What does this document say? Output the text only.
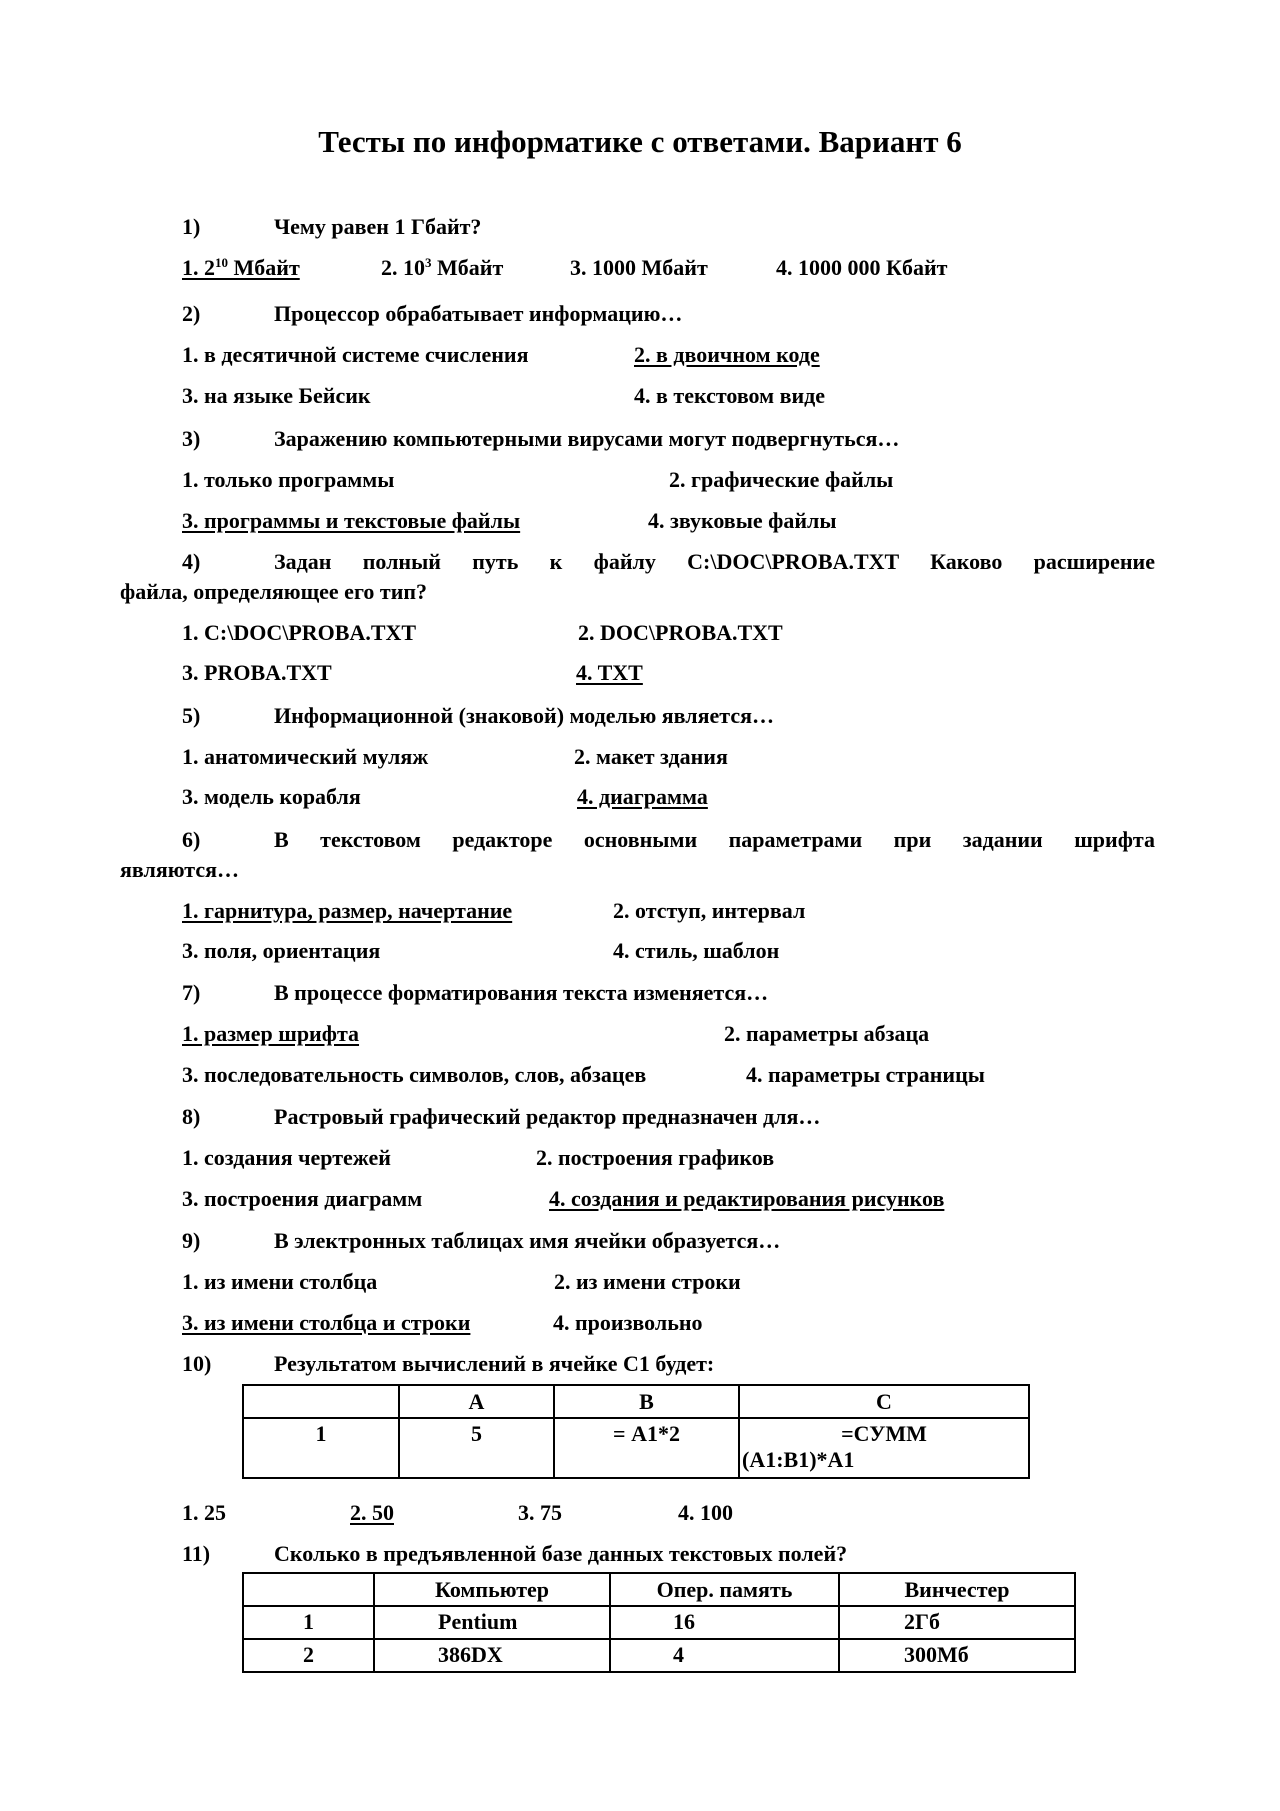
Тесты по информатике с ответами. Вариант 6
1)	Чему равен 1 Гбайт?
1. $2^{10}$ Мбайт	2. $10^3$ Мбайт	3. 1000 Мбайт	4. 1000 000 Кбайт
2)	Процессор обрабатывает информацию…
1. в десятичной системе счисления	2. в двоичном коде
3. на языке Бейсик	4. в текстовом виде
3)	Заражению компьютерными вирусами могут подвергнуться…
1. только программы	2. графические файлы
3. программы и текстовые файлы	4. звуковые файлы
4)	Задан полный путь к файлу C:\DOC\PROBA.TXT Каково расширение
файла, определяющее его тип?
1. C:\DOC\PROBA.TXT	2. DOC\PROBA.TXT
3. PROBA.TXT	4. TXT
5)	Информационной (знаковой) моделью является…
1. анатомический муляж	2. макет здания
3. модель корабля	4. диаграмма
6)	В текстовом редакторе основными параметрами при задании шрифта
являются…
1. гарнитура, размер, начертание	2. отступ, интервал
3. поля, ориентация	4. стиль, шаблон
7)	В процессе форматирования текста изменяется…
1. размер шрифта	2. параметры абзаца
3. последовательность символов, слов, абзацев	4. параметры страницы
8)	Растровый графический редактор предназначен для…
1. создания чертежей	2. построения графиков
3. построения диаграмм	4. создания и редактирования рисунков
9)	В электронных таблицах имя ячейки образуется…
1. из имени столбца	2. из имени строки
3. из имени столбца и строки	4. произвольно
10)	Результатом вычислений в ячейке С1 будет:
	А	В	С
1	5	= А1*2	=СУММ
(А1:В1)*А1
1. 25	2. 50	3. 75	4. 100
11)	Сколько в предъявленной базе данных текстовых полей?
	Компьютер	Опер. память	Винчестер
1	Pentium	16	2Гб
2	386DX	4	300Мб
